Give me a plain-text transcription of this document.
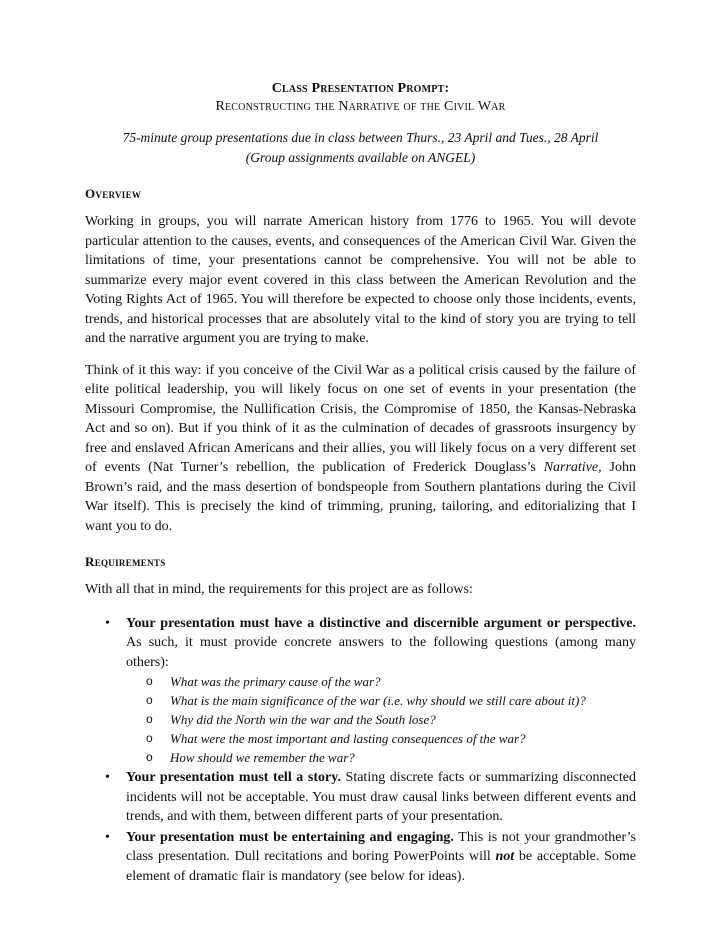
Class Presentation Prompt:
Reconstructing the Narrative of the Civil War
75-minute group presentations due in class between Thurs., 23 April and Tues., 28 April
(Group assignments available on ANGEL)
Overview

Working in groups, you will narrate American history from 1776 to 1965. You will devote particular attention to the causes, events, and consequences of the American Civil War. Given the limitations of time, your presentations cannot be comprehensive. You will not be able to summarize every major event covered in this class between the American Revolution and the Voting Rights Act of 1965. You will therefore be expected to choose only those incidents, events, trends, and historical processes that are absolutely vital to the kind of story you are trying to tell and the narrative argument you are trying to make.

Think of it this way: if you conceive of the Civil War as a political crisis caused by the failure of elite political leadership, you will likely focus on one set of events in your presentation (the Missouri Compromise, the Nullification Crisis, the Compromise of 1850, the Kansas-Nebraska Act and so on). But if you think of it as the culmination of decades of grassroots insurgency by free and enslaved African Americans and their allies, you will likely focus on a very different set of events (Nat Turner’s rebellion, the publication of Frederick Douglass’s Narrative, John Brown’s raid, and the mass desertion of bondspeople from Southern plantations during the Civil War itself). This is precisely the kind of trimming, pruning, tailoring, and editorializing that I want you to do.

Requirements

With all that in mind, the requirements for this project are as follows:

• Your presentation must have a distinctive and discernible argument or perspective. As such, it must provide concrete answers to the following questions (among many others):
o What was the primary cause of the war?
o What is the main significance of the war (i.e. why should we still care about it)?
o Why did the North win the war and the South lose?
o What were the most important and lasting consequences of the war?
o How should we remember the war?
• Your presentation must tell a story. Stating discrete facts or summarizing disconnected incidents will not be acceptable. You must draw causal links between different events and trends, and with them, between different parts of your presentation.
• Your presentation must be entertaining and engaging. This is not your grandmother’s class presentation. Dull recitations and boring PowerPoints will not be acceptable. Some element of dramatic flair is mandatory (see below for ideas).
